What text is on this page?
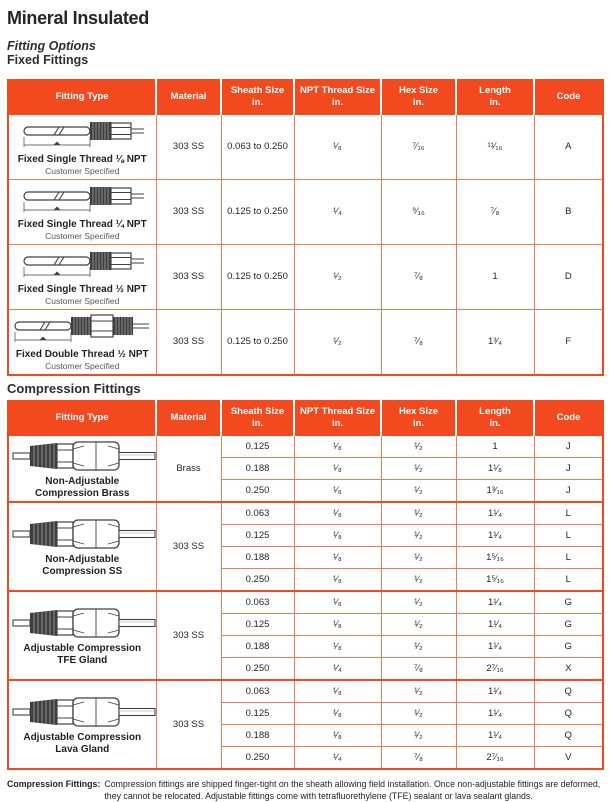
Mineral Insulated
Fitting Options
Fixed Fittings
Fitting Type	Material

Sheath Size
in.

NPT Thread Size
in.

Hex Size
in.

Length
in.

Code

Fixed Single Thread ⅛ NPT
Customer Specified	303 SS	0.063 to 0.250	¹⁄₈	⁷⁄₁₆	¹¹⁄₁₆	A

Fixed Single Thread ¼ NPT
Customer Specified	303 SS	0.125 to 0.250	¹⁄₄	⁹⁄₁₆	⁷⁄₈	B

Fixed Single Thread ½ NPT
Customer Specified	303 SS	0.125 to 0.250	¹⁄₂	⁷⁄₈	1	D

Fixed Double Thread ½ NPT
Customer Specified	303 SS	0.125 to 0.250	¹⁄₂	⁷⁄₈	1³⁄₄	F
Compression Fittings
Fitting Type	Material

Sheath Size
in.

NPT Thread Size
in.

Hex Size
in.

Length
in.

Code

Non-Adjustable Compression Brass	Brass	0.125	¹⁄₈	¹⁄₂	1	J
		0.188	¹⁄₈	¹⁄₂	1¹⁄₈	J
		0.250	¹⁄₈	¹⁄₂	1³⁄₁₆	J

Non-Adjustable Compression SS	303 SS	0.063	¹⁄₈	¹⁄₂	1¹⁄₄	L
		0.125	¹⁄₈	¹⁄₂	1¹⁄₄	L
		0.188	¹⁄₈	¹⁄₂	1⁵⁄₁₆	L
		0.250	¹⁄₈	¹⁄₂	1⁵⁄₁₆	L

Adjustable Compression TFE Gland	303 SS	0.063	¹⁄₈	¹⁄₂	1¹⁄₄	G
		0.125	¹⁄₈	¹⁄₂	1¹⁄₄	G
		0.188	¹⁄₈	¹⁄₂	1¹⁄₄	G
		0.250	¹⁄₄	⁷⁄₈	2⁷⁄₁₆	X

Adjustable Compression Lava Gland	303 SS	0.063	¹⁄₈	¹⁄₂	1¹⁄₄	Q
		0.125	¹⁄₈	¹⁄₂	1¹⁄₄	Q
		0.188	¹⁄₈	¹⁄₂	1¹⁄₄	Q
		0.250	¹⁄₄	⁷⁄₈	2⁷⁄₁₆	V
Compression Fittings: Compression fittings are shipped finger-tight on the sheath allowing field installation. Once non-adjustable fittings are deformed, they cannot be relocated. Adjustable fittings come with tetrafluorethylene (TFE) sealant or lava sealant glands.
